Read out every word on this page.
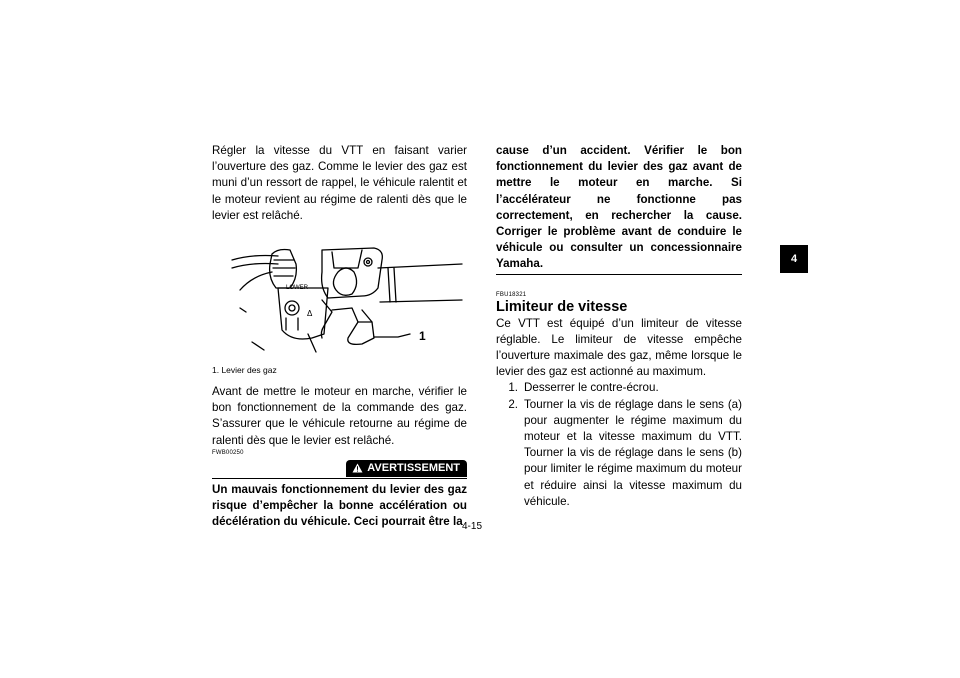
Régler la vitesse du VTT en faisant varier l’ouverture des gaz. Comme le levier des gaz est muni d’un ressort de rappel, le véhicule ralentit et le moteur revient au régime de ralenti dès que le levier est relâché.

LOWER
Δ
1
1. Levier des gaz

Avant de mettre le moteur en marche, vérifier le bon fonctionnement de la commande des gaz. S’assurer que le véhicule retourne au régime de ralenti dès que le levier est relâché.

FWB00250
AVERTISSEMENT

Un mauvais fonctionnement du levier des gaz risque d’empêcher la bonne accélération ou décélération du véhicule. Ceci pourrait être la

cause d’un accident. Vérifier le bon fonctionnement du levier des gaz avant de mettre le moteur en marche. Si l’accélérateur ne fonctionne pas correctement, en rechercher la cause. Corriger le problème avant de conduire le véhicule ou consulter un concessionnaire Yamaha.

FBU18321
Limiteur de vitesse

Ce VTT est équipé d’un limiteur de vitesse réglable. Le limiteur de vitesse empêche l’ouverture maximale des gaz, même lorsque le levier des gaz est actionné au maximum.

1. Desserrer le contre-écrou.
2. Tourner la vis de réglage dans le sens (a) pour augmenter le régime maximum du moteur et la vitesse maximum du VTT. Tourner la vis de réglage dans le sens (b) pour limiter le régime maximum du moteur et réduire ainsi la vitesse maximum du véhicule.
4
4-15
